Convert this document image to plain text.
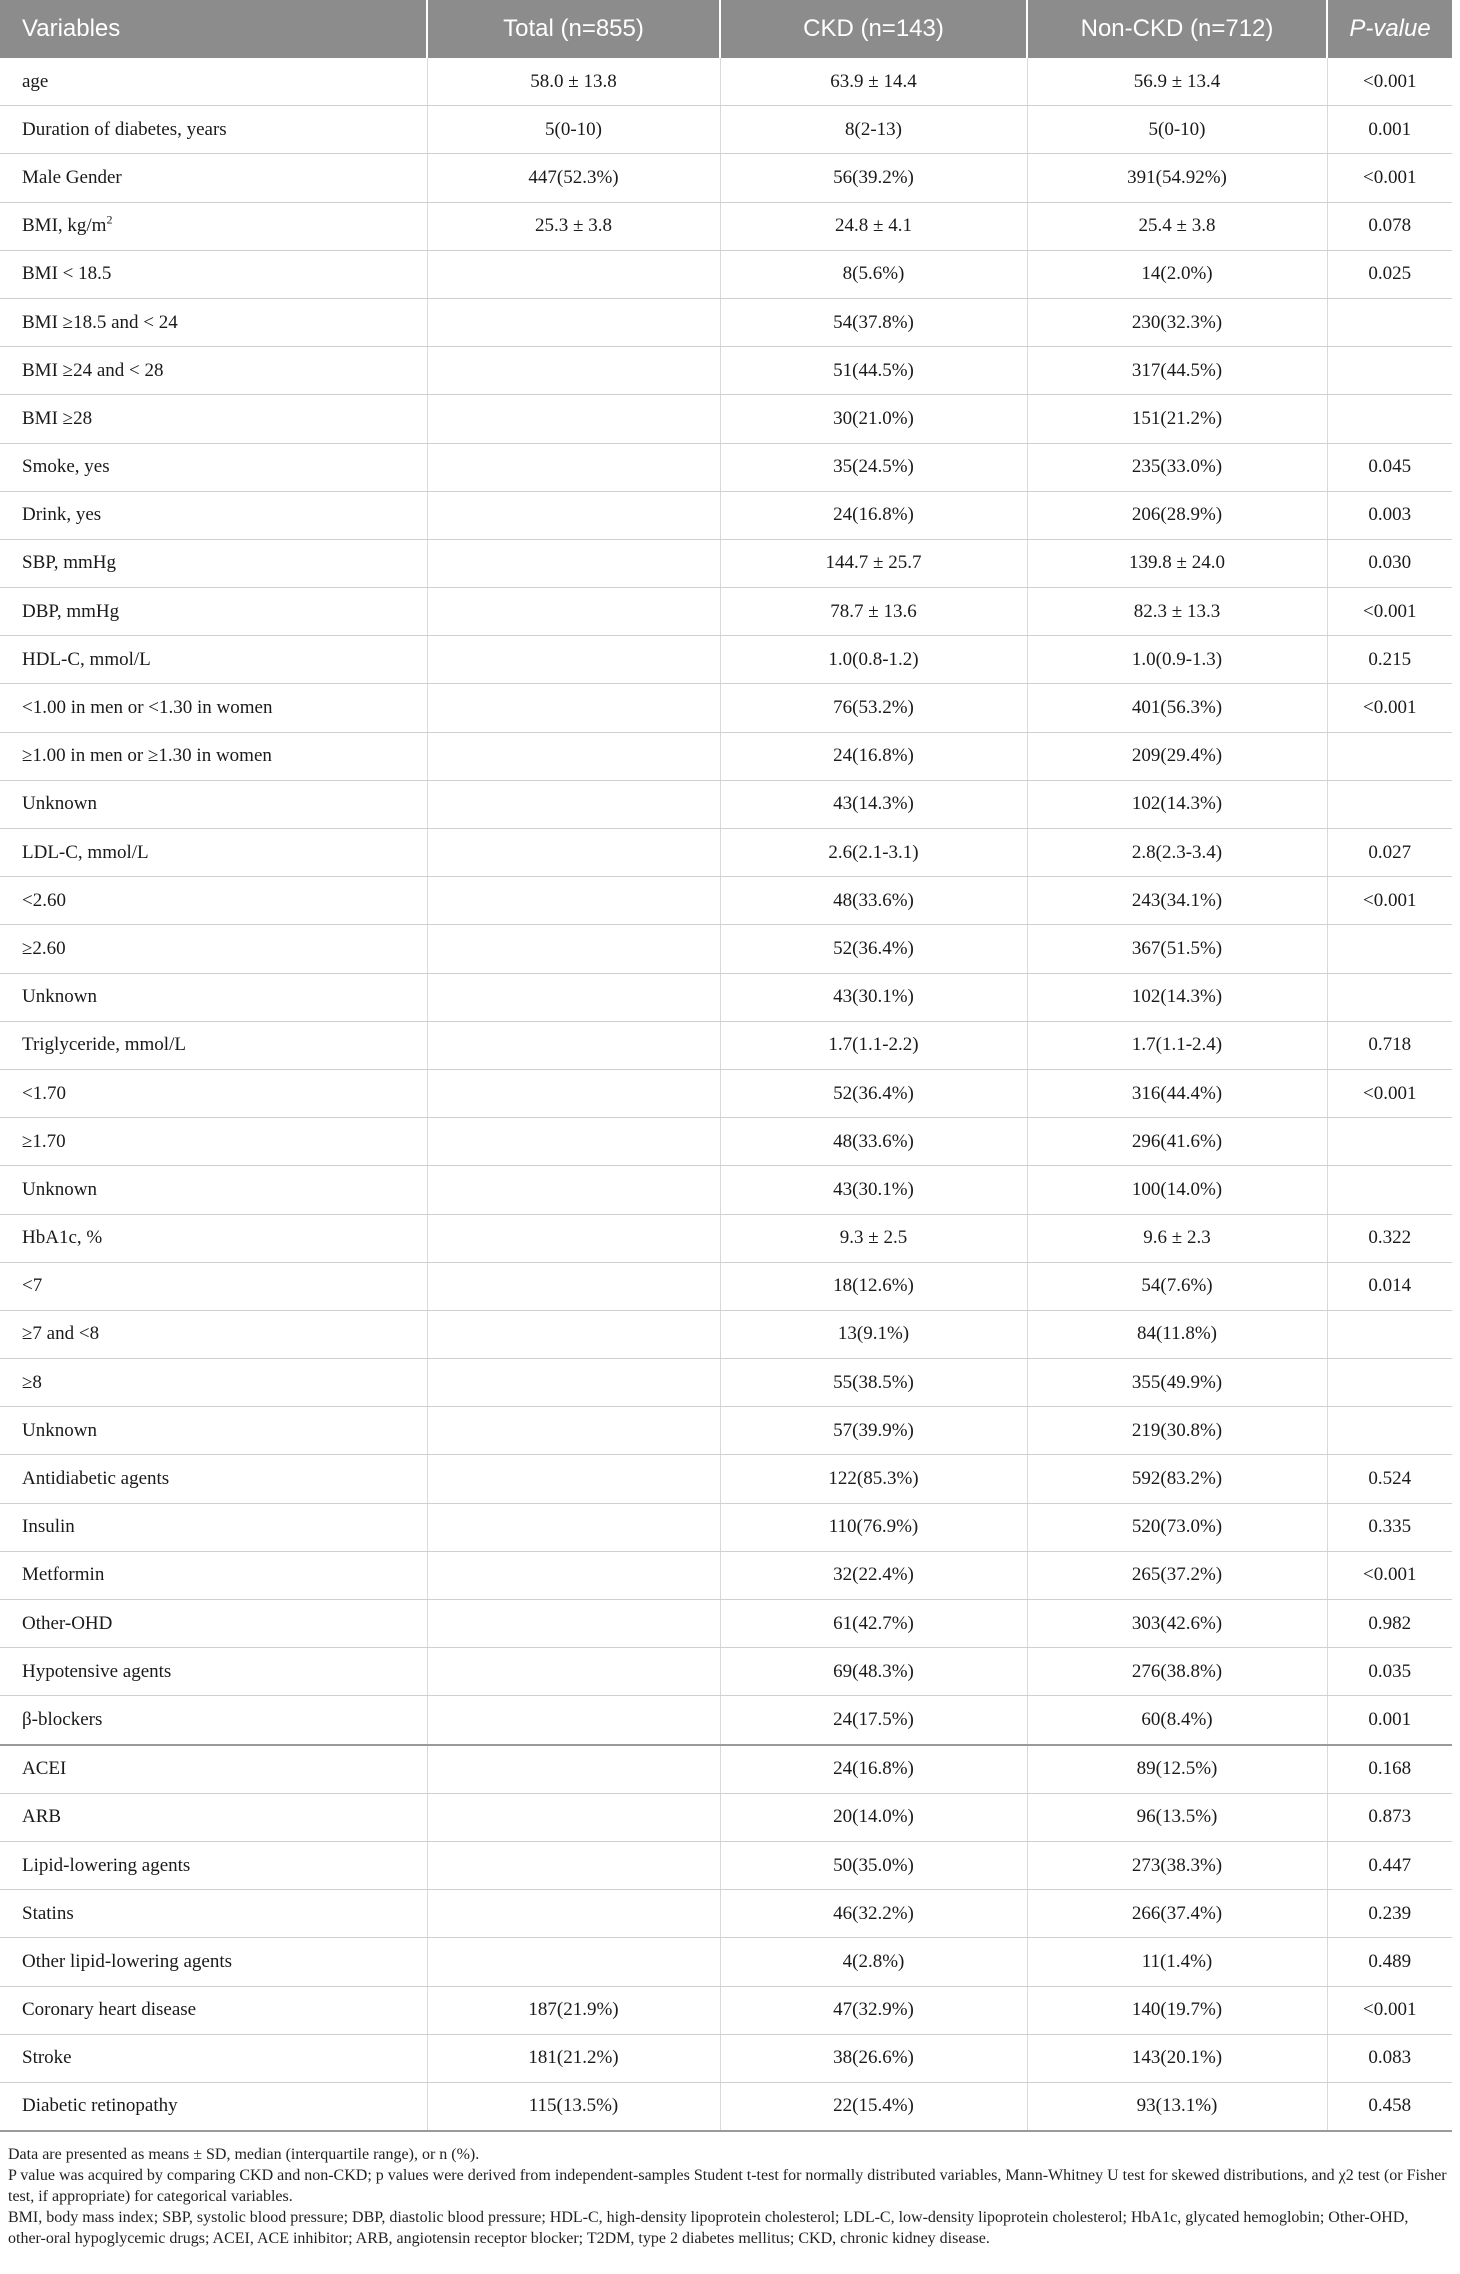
Variables	Total (n=855)	CKD (n=143)	Non-CKD (n=712)	P-value
age	58.0 ± 13.8	63.9 ± 14.4	56.9 ± 13.4	<0.001
Duration of diabetes, years	5(0-10)	8(2-13)	5(0-10)	0.001
Male Gender	447(52.3%)	56(39.2%)	391(54.92%)	<0.001
BMI, $kg/m^2$	25.3 ± 3.8	24.8 ± 4.1	25.4 ± 3.8	0.078
BMI < 18.5		8(5.6%)	14(2.0%)	0.025
BMI ≥18.5 and < 24		54(37.8%)	230(32.3%)	
BMI ≥24 and < 28		51(44.5%)	317(44.5%)	
BMI ≥28		30(21.0%)	151(21.2%)	
Smoke, yes		35(24.5%)	235(33.0%)	0.045
Drink, yes		24(16.8%)	206(28.9%)	0.003
SBP, mmHg		144.7 ± 25.7	139.8 ± 24.0	0.030
DBP, mmHg		78.7 ± 13.6	82.3 ± 13.3	<0.001
HDL-C, mmol/L		1.0(0.8-1.2)	1.0(0.9-1.3)	0.215
<1.00 in men or <1.30 in women		76(53.2%)	401(56.3%)	<0.001
≥1.00 in men or ≥1.30 in women		24(16.8%)	209(29.4%)	
Unknown		43(14.3%)	102(14.3%)	
LDL-C, mmol/L		2.6(2.1-3.1)	2.8(2.3-3.4)	0.027
<2.60		48(33.6%)	243(34.1%)	<0.001
≥2.60		52(36.4%)	367(51.5%)	
Unknown		43(30.1%)	102(14.3%)	
Triglyceride, mmol/L		1.7(1.1-2.2)	1.7(1.1-2.4)	0.718
<1.70		52(36.4%)	316(44.4%)	<0.001
≥1.70		48(33.6%)	296(41.6%)	
Unknown		43(30.1%)	100(14.0%)	
HbA1c, %		9.3 ± 2.5	9.6 ± 2.3	0.322
<7		18(12.6%)	54(7.6%)	0.014
≥7 and <8		13(9.1%)	84(11.8%)	
≥8		55(38.5%)	355(49.9%)	
Unknown		57(39.9%)	219(30.8%)	
Antidiabetic agents		122(85.3%)	592(83.2%)	0.524
Insulin		110(76.9%)	520(73.0%)	0.335
Metformin		32(22.4%)	265(37.2%)	<0.001
Other-OHD		61(42.7%)	303(42.6%)	0.982
Hypotensive agents		69(48.3%)	276(38.8%)	0.035
β-blockers		24(17.5%)	60(8.4%)	0.001
ACEI		24(16.8%)	89(12.5%)	0.168
ARB		20(14.0%)	96(13.5%)	0.873
Lipid-lowering agents		50(35.0%)	273(38.3%)	0.447
Statins		46(32.2%)	266(37.4%)	0.239
Other lipid-lowering agents		4(2.8%)	11(1.4%)	0.489
Coronary heart disease	187(21.9%)	47(32.9%)	140(19.7%)	<0.001
Stroke	181(21.2%)	38(26.6%)	143(20.1%)	0.083
Diabetic retinopathy	115(13.5%)	22(15.4%)	93(13.1%)	0.458

Data are presented as means ± SD, median (interquartile range), or n (%).

P value was acquired by comparing CKD and non-CKD; p values were derived from independent-samples Student t-test for normally distributed variables, Mann-Whitney U test for skewed distributions, and χ2 test (or Fisher test, if appropriate) for categorical variables.

BMI, body mass index; SBP, systolic blood pressure; DBP, diastolic blood pressure; HDL-C, high-density lipoprotein cholesterol; LDL-C, low-density lipoprotein cholesterol; HbA1c, glycated hemoglobin; Other-OHD, other-oral hypoglycemic drugs; ACEI, ACE inhibitor; ARB, angiotensin receptor blocker; T2DM, type 2 diabetes mellitus; CKD, chronic kidney disease.
